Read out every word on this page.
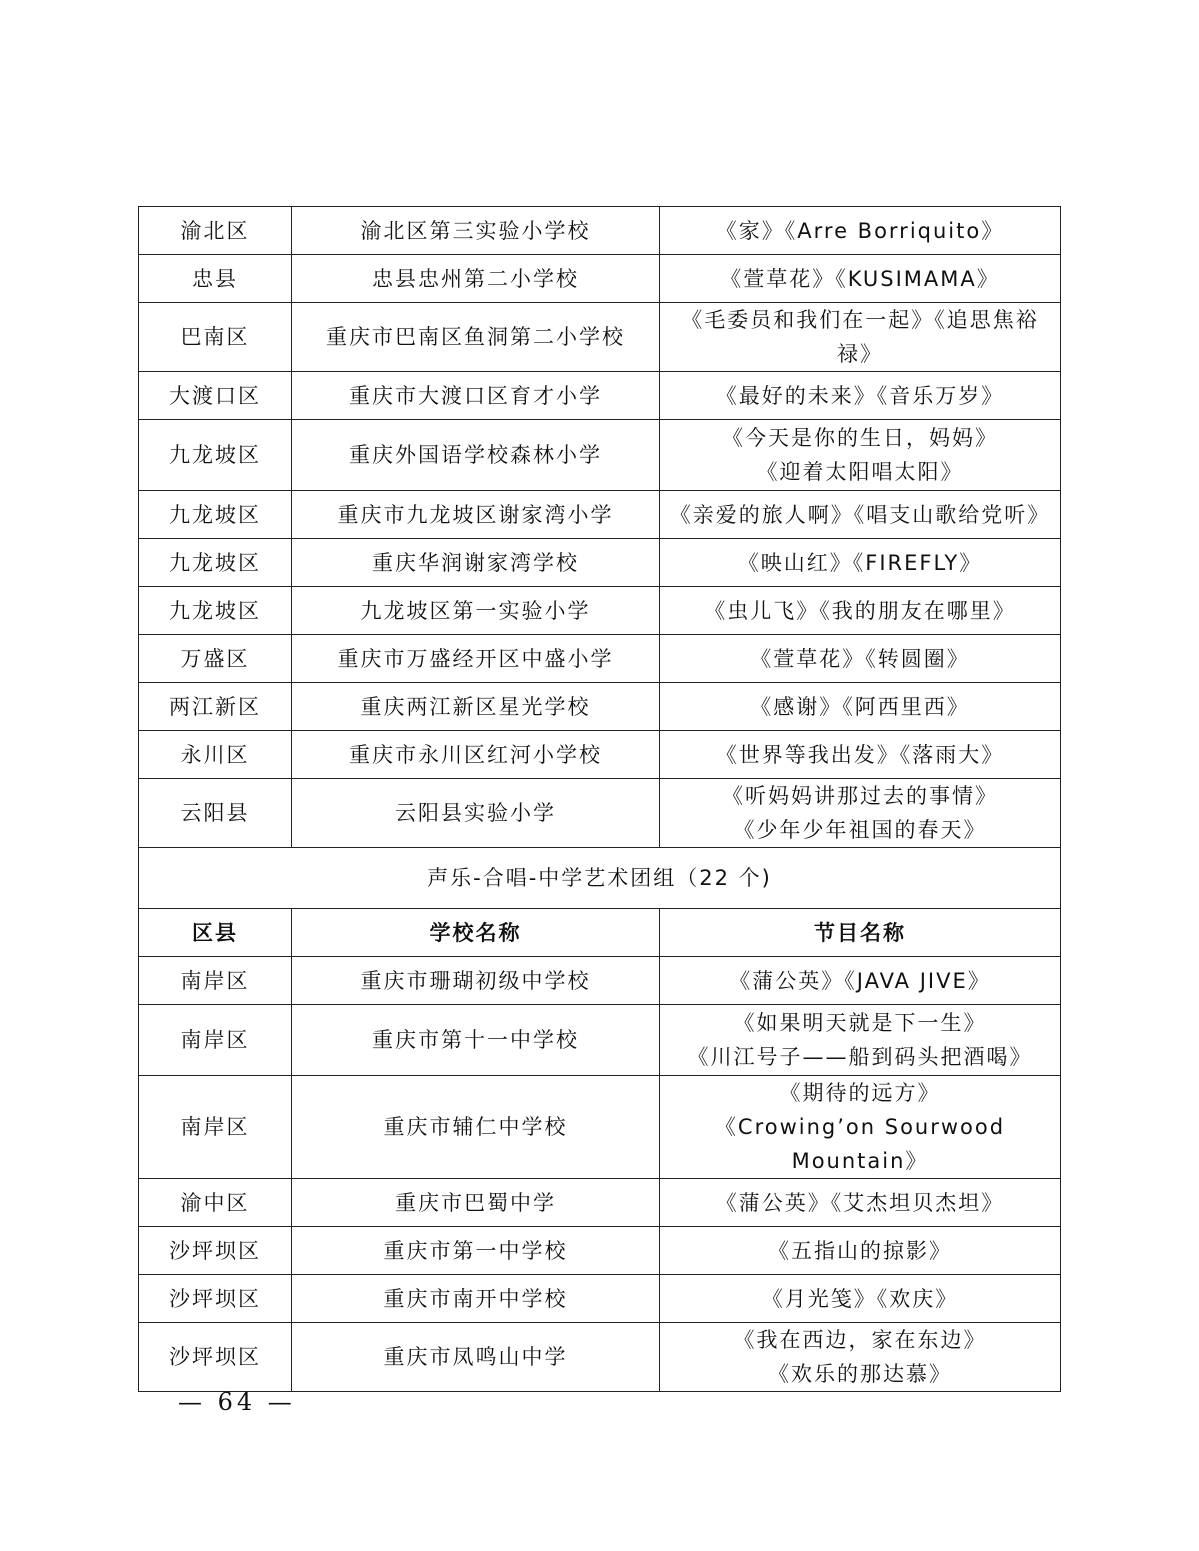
渝北区	渝北区第三实验小学校	《家》《Arre Borriquito》

忠县	忠县忠州第二小学校	《萱草花》《KUSIMAMA》

巴南区	重庆市巴南区鱼洞第二小学校	《毛委员和我们在一起》《追思焦裕禄》

大渡口区	重庆市大渡口区育才小学	《最好的未来》《音乐万岁》

九龙坡区	重庆外国语学校森林小学	《今天是你的生日，妈妈》
《迎着太阳唱太阳》

九龙坡区	重庆市九龙坡区谢家湾小学	《亲爱的旅人啊》《唱支山歌给党听》

九龙坡区	重庆华润谢家湾学校	《映山红》《FIREFLY》

九龙坡区	九龙坡区第一实验小学	《虫儿飞》《我的朋友在哪里》

万盛区	重庆市万盛经开区中盛小学	《萱草花》《转圆圈》

两江新区	重庆两江新区星光学校	《感谢》《阿西里西》

永川区	重庆市永川区红河小学校	《世界等我出发》《落雨大》

云阳县	云阳县实验小学	《听妈妈讲那过去的事情》
《少年少年祖国的春天》

声乐-合唱-中学艺术团组（22 个)		
区县	学校名称	节目名称
南岸区	重庆市珊瑚初级中学校	《蒲公英》《JAVA JIVE》

南岸区	重庆市第十一中学校	《如果明天就是下一生》
《川江号子——船到码头把酒喝》

南岸区	重庆市辅仁中学校	《期待的远方》
《Crowing’on Sourwood Mountain》

渝中区	重庆市巴蜀中学	《蒲公英》《艾杰坦贝杰坦》

沙坪坝区	重庆市第一中学校	《五指山的掠影》

沙坪坝区	重庆市南开中学校	《月光笺》《欢庆》

沙坪坝区	重庆市凤鸣山中学	《我在西边，家在东边》
《欢乐的那达慕》
— 64 —
